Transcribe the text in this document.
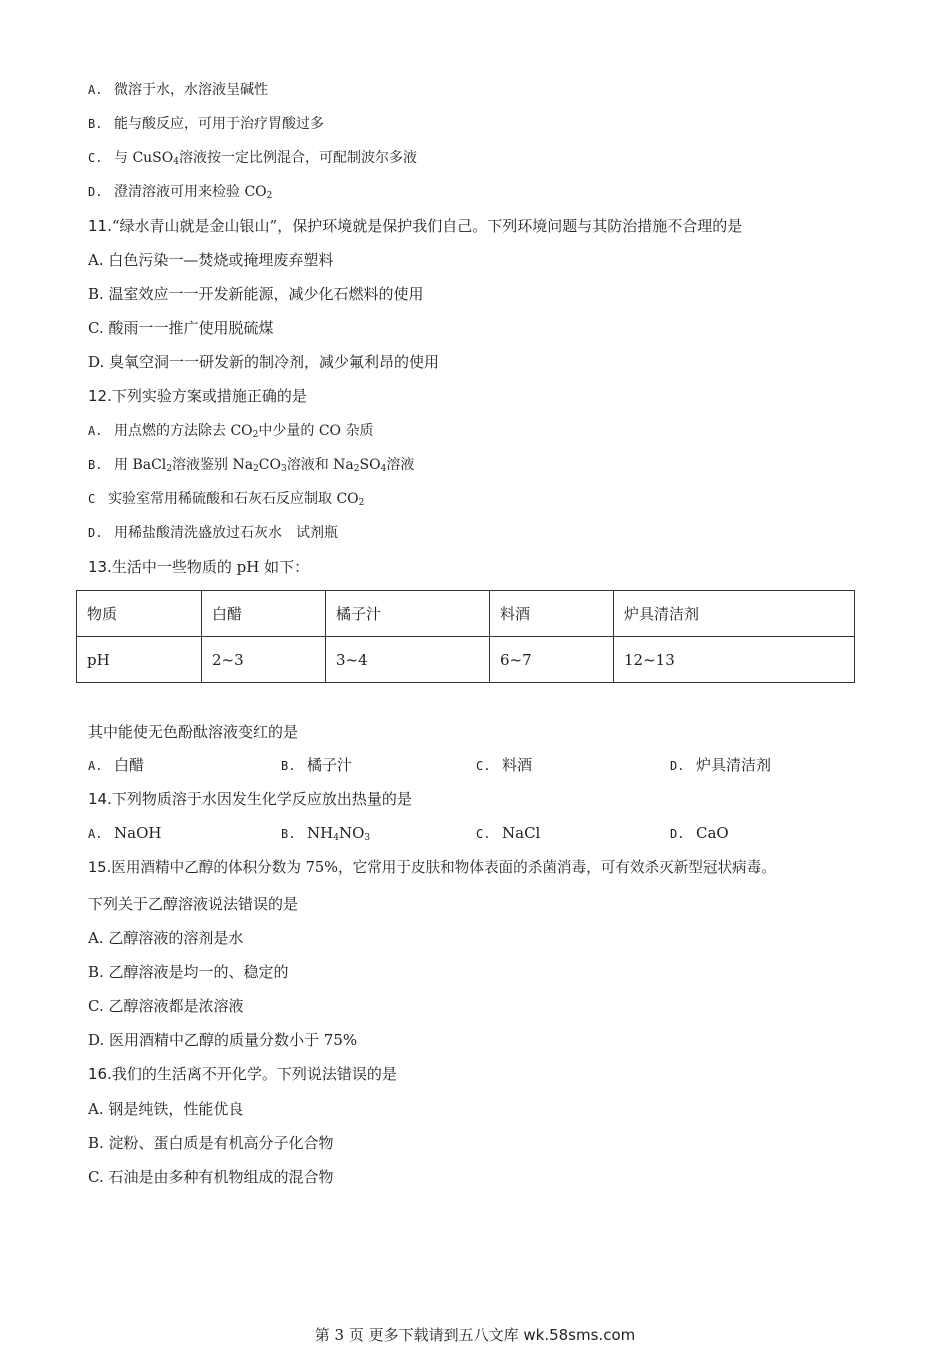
A. 微溶于水，水溶液呈碱性
B. 能与酸反应，可用于治疗胃酸过多
C. 与 CuSO$_4$溶液按一定比例混合，可配制波尔多液
D. 澄清溶液可用来检验 $CO_2$
11.“绿水青山就是金山银山”，保护环境就是保护我们自己。下列环境问题与其防治措施不合理的是
A. 白色污染一—焚烧或掩埋废弃塑料
B. 温室效应一一开发新能源，减少化石燃料的使用
C. 酸雨一一推广使用脱硫煤
D. 臭氧空洞一一研发新的制冷剂，减少氟利昂的使用
12.下列实验方案或措施正确的是
A. 用点燃的方法除去 $CO_2$中少量的 CO 杂质
B. 用 BaCl$_2$溶液鉴别 $Na_2CO_3$溶液和 $Na_2SO_4$溶液
C 实验室常用稀硫酸和石灰石反应制取 $CO_2$
D. 用稀盐酸清洗盛放过石灰水　试剂瓶
13.生活中一些物质的 pH 如下：
物质	白醋	橘子汁	料酒	炉具清洁剂
pH	2~3	3~4	6~7	12~13
其中能使无色酚酞溶液变红的是
A. 白醋	B. 橘子汁	C. 料酒	D. 炉具清洁剂
14.下列物质溶于水因发生化学反应放出热量的是
A. NaOH	B. $NH_4NO_3$	C. NaCl	D. CaO
15.医用酒精中乙醇的体积分数为 75%，它常用于皮肤和物体表面的杀菌消毒，可有效杀灭新型冠状病毒。
下列关于乙醇溶液说法错误的是
A. 乙醇溶液的溶剂是水
B. 乙醇溶液是均一的、稳定的
C. 乙醇溶液都是浓溶液
D. 医用酒精中乙醇的质量分数小于 75%
16.我们的生活离不开化学。下列说法错误的是
A. 钢是纯铁，性能优良
B. 淀粉、蛋白质是有机高分子化合物
C. 石油是由多种有机物组成的混合物
第 3 页 更多下载请到五八文库 wk.58sms.com
